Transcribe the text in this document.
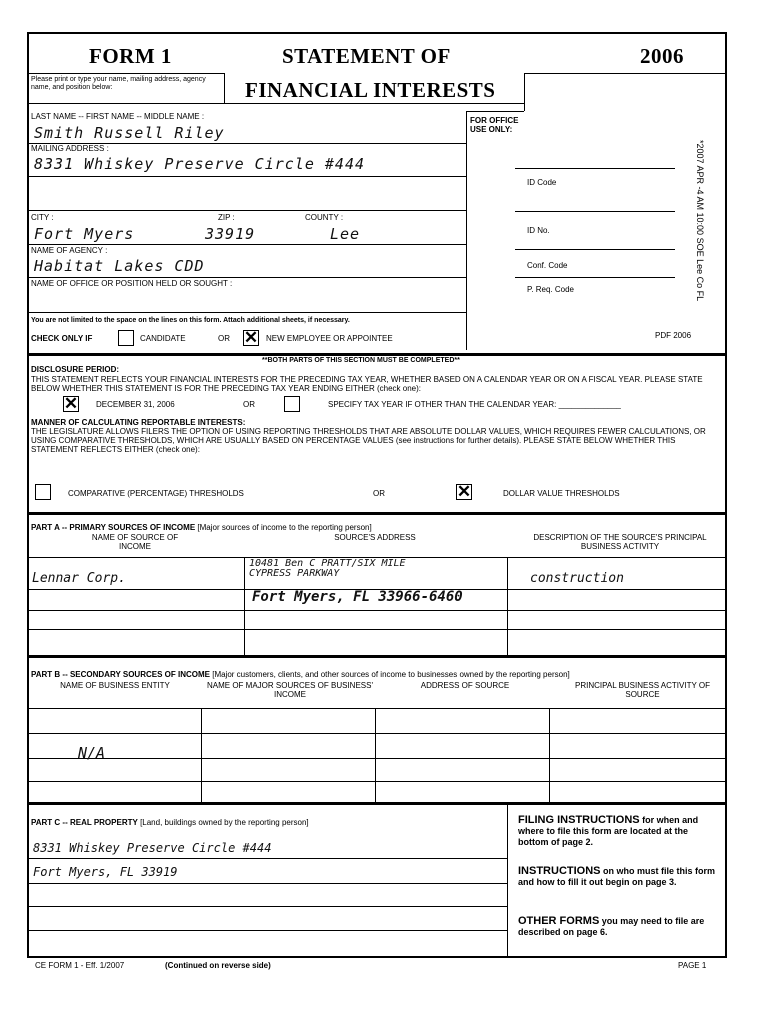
FORM 1	STATEMENT OF	2006
FINANCIAL INTERESTS
Please print or type your name, mailing address, agency name, and position below:
LAST NAME -- FIRST NAME -- MIDDLE NAME :
Smith Russell Riley
MAILING ADDRESS :
8331 Whiskey Preserve Circle #444
CITY :	ZIP :	COUNTY :
Fort Myers	33919	Lee
NAME OF AGENCY :
Habitat Lakes CDD
NAME OF OFFICE OR POSITION HELD OR SOUGHT :
You are not limited to the space on the lines on this form. Attach additional sheets, if necessary.
CHECK ONLY IF	CANDIDATE	OR ✕ NEW EMPLOYEE OR APPOINTEE
FOR OFFICE USE ONLY:
ID Code
ID No.
Conf. Code
P. Req. Code	*2007 APR -4 AM 10:00 SOE Lee Co FL
PDF 2006
**BOTH PARTS OF THIS SECTION MUST BE COMPLETED**
DISCLOSURE PERIOD:
THIS STATEMENT REFLECTS YOUR FINANCIAL INTERESTS FOR THE PRECEDING TAX YEAR, WHETHER BASED ON A CALENDAR YEAR OR ON A FISCAL YEAR. PLEASE STATE BELOW WHETHER THIS STATEMENT IS FOR THE PRECEDING TAX YEAR ENDING EITHER (check one):
✕ DECEMBER 31, 2006	OR	SPECIFY TAX YEAR IF OTHER THAN THE CALENDAR YEAR: ______________
MANNER OF CALCULATING REPORTABLE INTERESTS:
THE LEGISLATURE ALLOWS FILERS THE OPTION OF USING REPORTING THRESHOLDS THAT ARE ABSOLUTE DOLLAR VALUES, WHICH REQUIRES FEWER CALCULATIONS, OR USING COMPARATIVE THRESHOLDS, WHICH ARE USUALLY BASED ON PERCENTAGE VALUES (see instructions for further details). PLEASE STATE BELOW WHETHER THIS STATEMENT REFLECTS EITHER (check one):
COMPARATIVE (PERCENTAGE) THRESHOLDS	OR	✕	DOLLAR VALUE THRESHOLDS
PART A -- PRIMARY SOURCES OF INCOME [Major sources of income to the reporting person]
NAME OF SOURCE OF INCOME
SOURCE'S ADDRESS	DESCRIPTION OF THE SOURCE'S PRINCIPAL BUSINESS ACTIVITY
Lennar Corp.
10481 Ben C PRATT/SIX MILE
CYPRESS PARKWAY
Fort Myers, FL 33966-6460
construction
PART B -- SECONDARY SOURCES OF INCOME [Major customers, clients, and other sources of income to businesses owned by the reporting person]
NAME OF BUSINESS ENTITY	NAME OF MAJOR SOURCES OF BUSINESS' INCOME
ADDRESS OF SOURCE	PRINCIPAL BUSINESS ACTIVITY OF SOURCE
N/A
PART C -- REAL PROPERTY [Land, buildings owned by the reporting person]
8331 Whiskey Preserve Circle #444
Fort Myers, FL 33919
FILING INSTRUCTIONS for when and where to file this form are located at the bottom of page 2.
INSTRUCTIONS on who must file this form and how to fill it out begin on page 3.
OTHER FORMS you may need to file are described on page 6.
CE FORM 1 - Eff. 1/2007	(Continued on reverse side)	PAGE 1
